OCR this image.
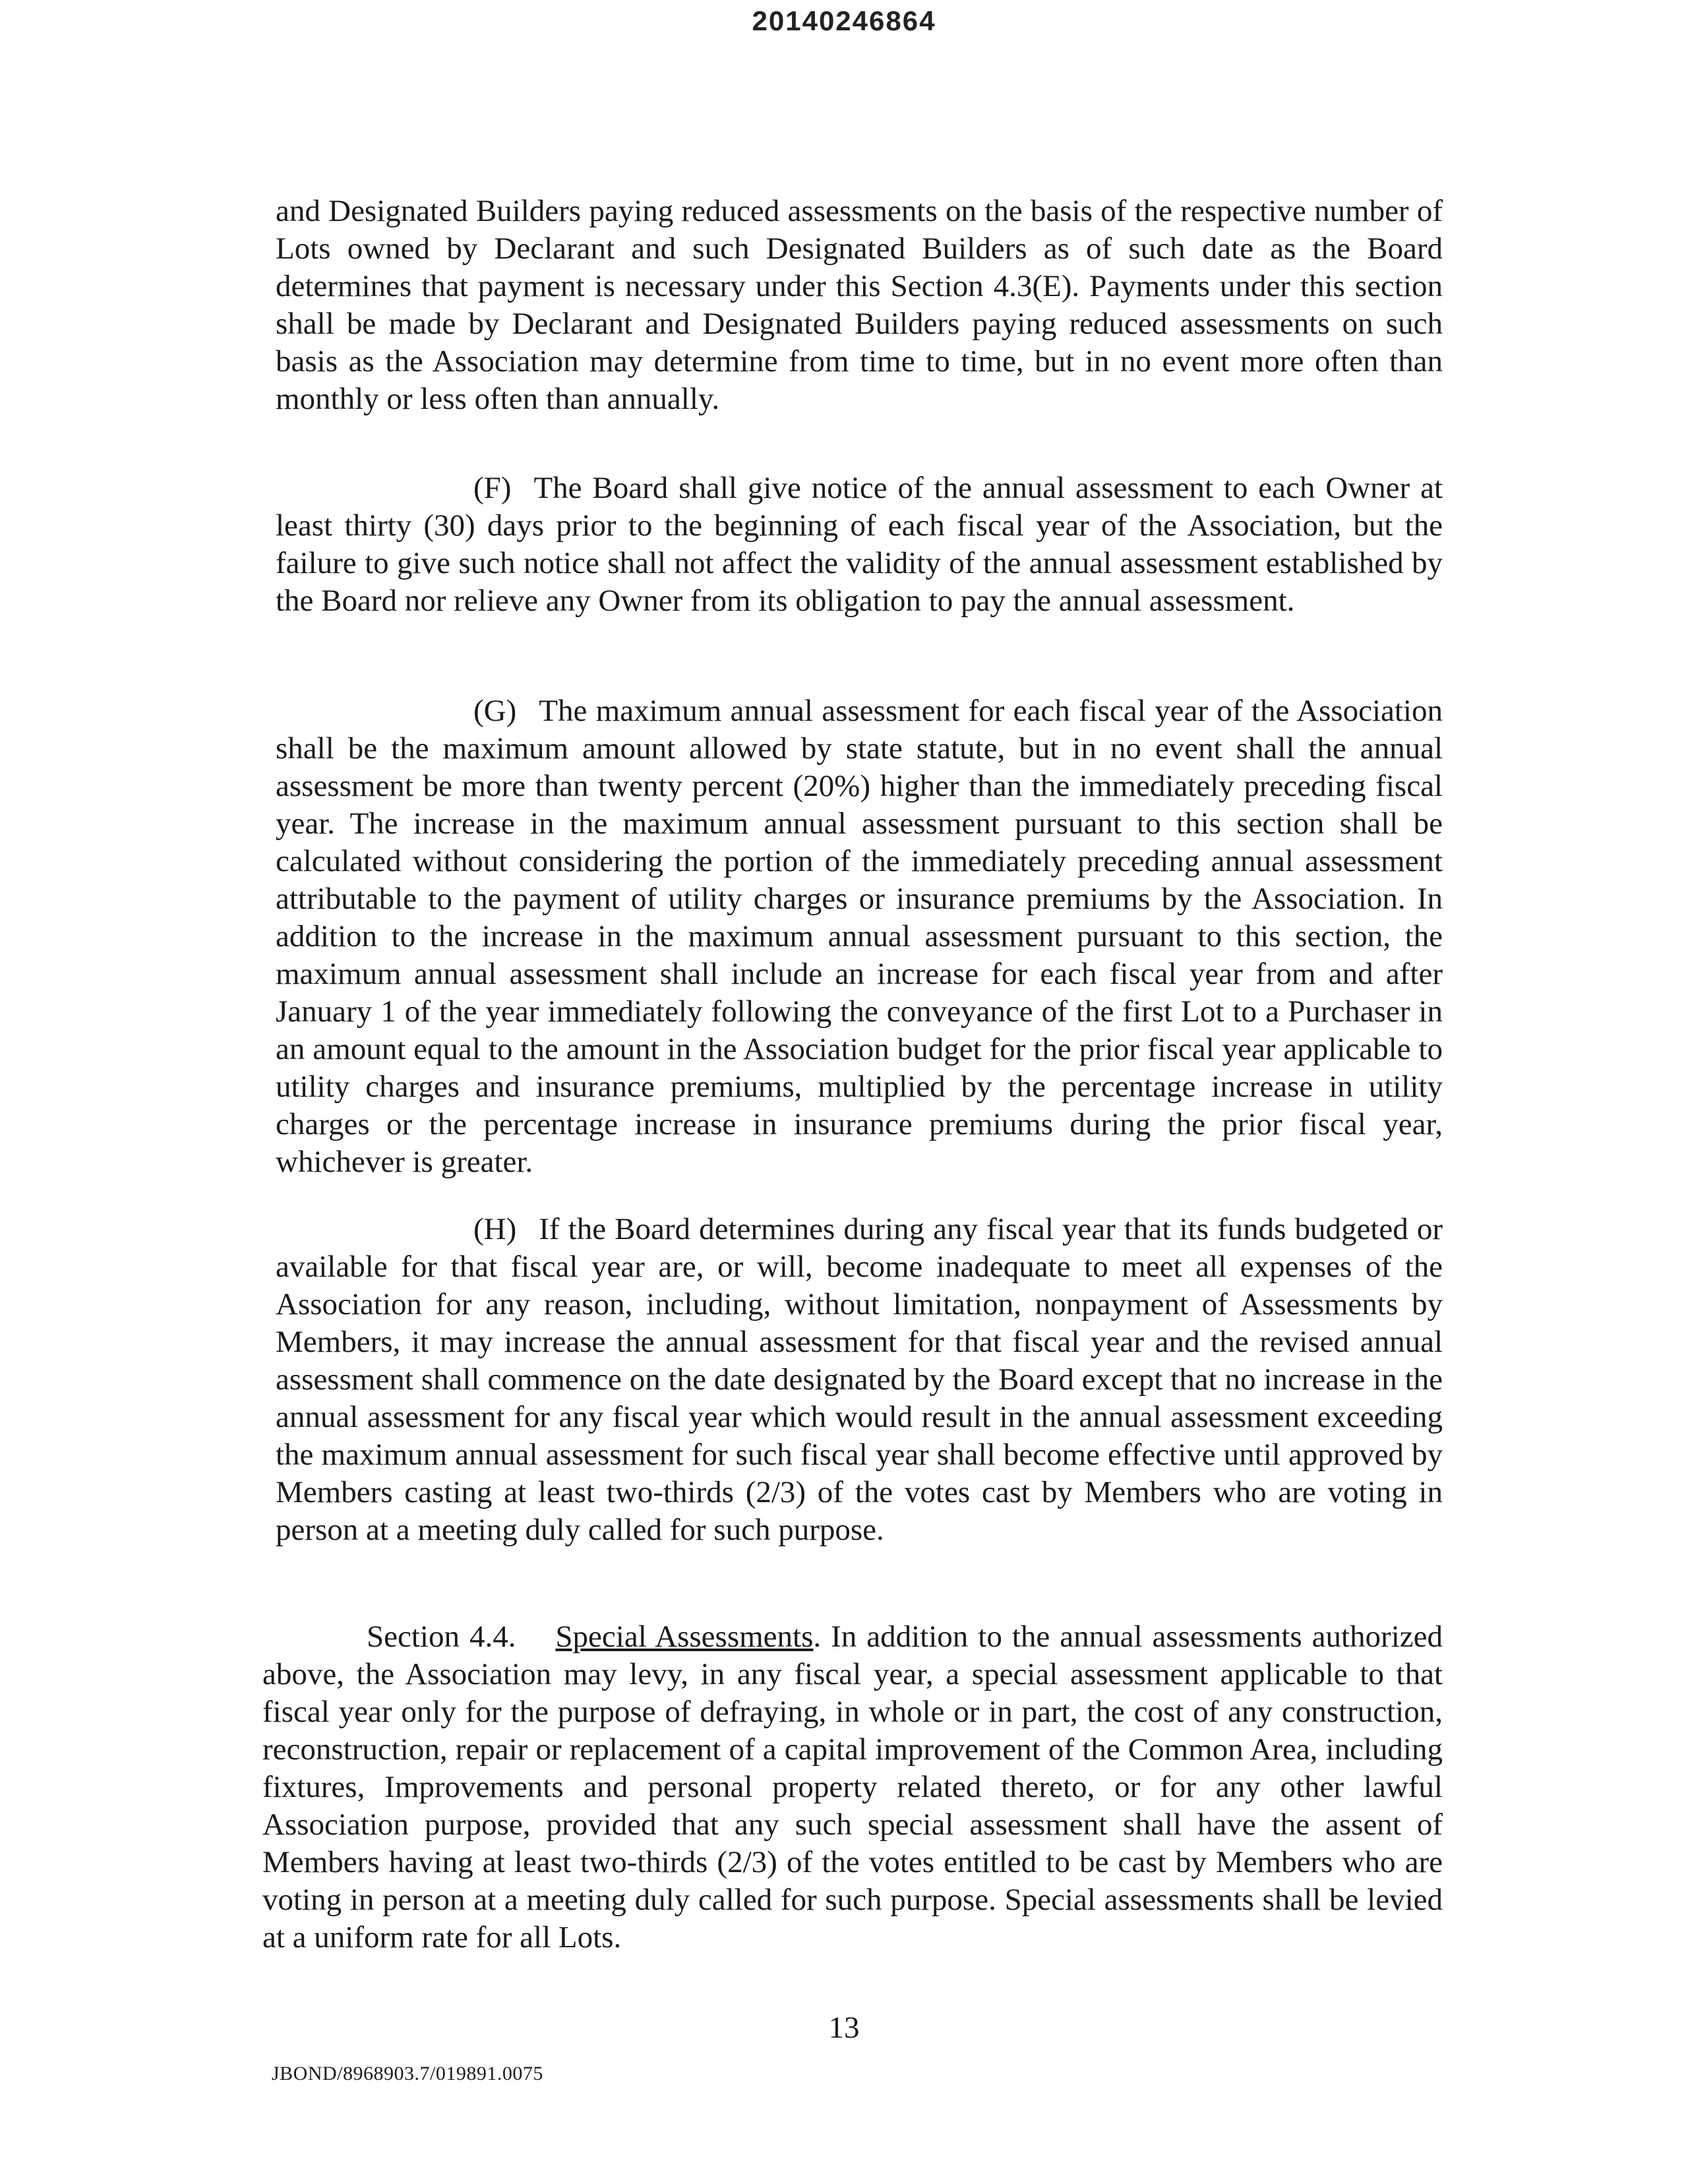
20140246864

and Designated Builders paying reduced assessments on the basis of the respective number of Lots owned by Declarant and such Designated Builders as of such date as the Board determines that payment is necessary under this Section 4.3(E). Payments under this section shall be made by Declarant and Designated Builders paying reduced assessments on such basis as the Association may determine from time to time, but in no event more often than monthly or less often than annually.

(F) The Board shall give notice of the annual assessment to each Owner at least thirty (30) days prior to the beginning of each fiscal year of the Association, but the failure to give such notice shall not affect the validity of the annual assessment established by the Board nor relieve any Owner from its obligation to pay the annual assessment.

(G) The maximum annual assessment for each fiscal year of the Association shall be the maximum amount allowed by state statute, but in no event shall the annual assessment be more than twenty percent (20%) higher than the immediately preceding fiscal year. The increase in the maximum annual assessment pursuant to this section shall be calculated without considering the portion of the immediately preceding annual assessment attributable to the payment of utility charges or insurance premiums by the Association. In addition to the increase in the maximum annual assessment pursuant to this section, the maximum annual assessment shall include an increase for each fiscal year from and after January 1 of the year immediately following the conveyance of the first Lot to a Purchaser in an amount equal to the amount in the Association budget for the prior fiscal year applicable to utility charges and insurance premiums, multiplied by the percentage increase in utility charges or the percentage increase in insurance premiums during the prior fiscal year, whichever is greater.

(H) If the Board determines during any fiscal year that its funds budgeted or available for that fiscal year are, or will, become inadequate to meet all expenses of the Association for any reason, including, without limitation, nonpayment of Assessments by Members, it may increase the annual assessment for that fiscal year and the revised annual assessment shall commence on the date designated by the Board except that no increase in the annual assessment for any fiscal year which would result in the annual assessment exceeding the maximum annual assessment for such fiscal year shall become effective until approved by Members casting at least two-thirds (2/3) of the votes cast by Members who are voting in person at a meeting duly called for such purpose.

Section 4.4. Special Assessments. In addition to the annual assessments authorized above, the Association may levy, in any fiscal year, a special assessment applicable to that fiscal year only for the purpose of defraying, in whole or in part, the cost of any construction, reconstruction, repair or replacement of a capital improvement of the Common Area, including fixtures, Improvements and personal property related thereto, or for any other lawful Association purpose, provided that any such special assessment shall have the assent of Members having at least two-thirds (2/3) of the votes entitled to be cast by Members who are voting in person at a meeting duly called for such purpose. Special assessments shall be levied at a uniform rate for all Lots.

13
JBOND/8968903.7/019891.0075
